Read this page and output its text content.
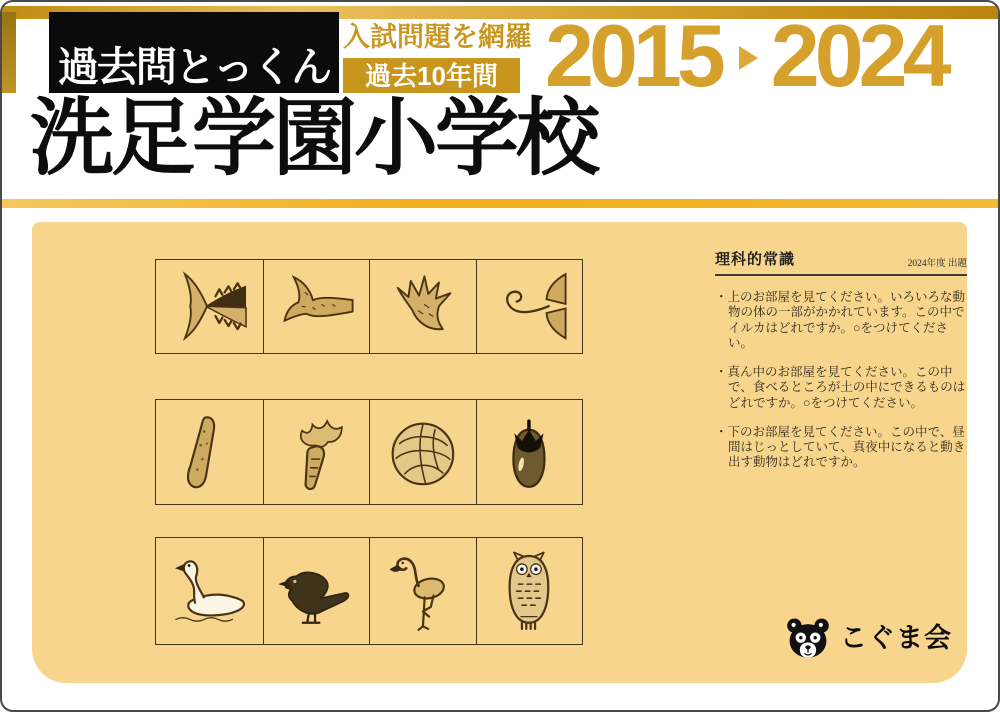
過去問とっくん
入試問題を網羅
過去10年間 2015 2024
洗足学園小学校
理科的常識	2024年度 出題
・上のお部屋を見てください。いろいろな動物の体の一部がかかれています。この中でイルカはどれですか。○をつけてください。
・真ん中のお部屋を見てください。この中で、食べるところが土の中にできるものはどれですか。○をつけてください。
・下のお部屋を見てください。この中で、昼間はじっとしていて、真夜中になると動き出す動物はどれですか。
こぐま会
